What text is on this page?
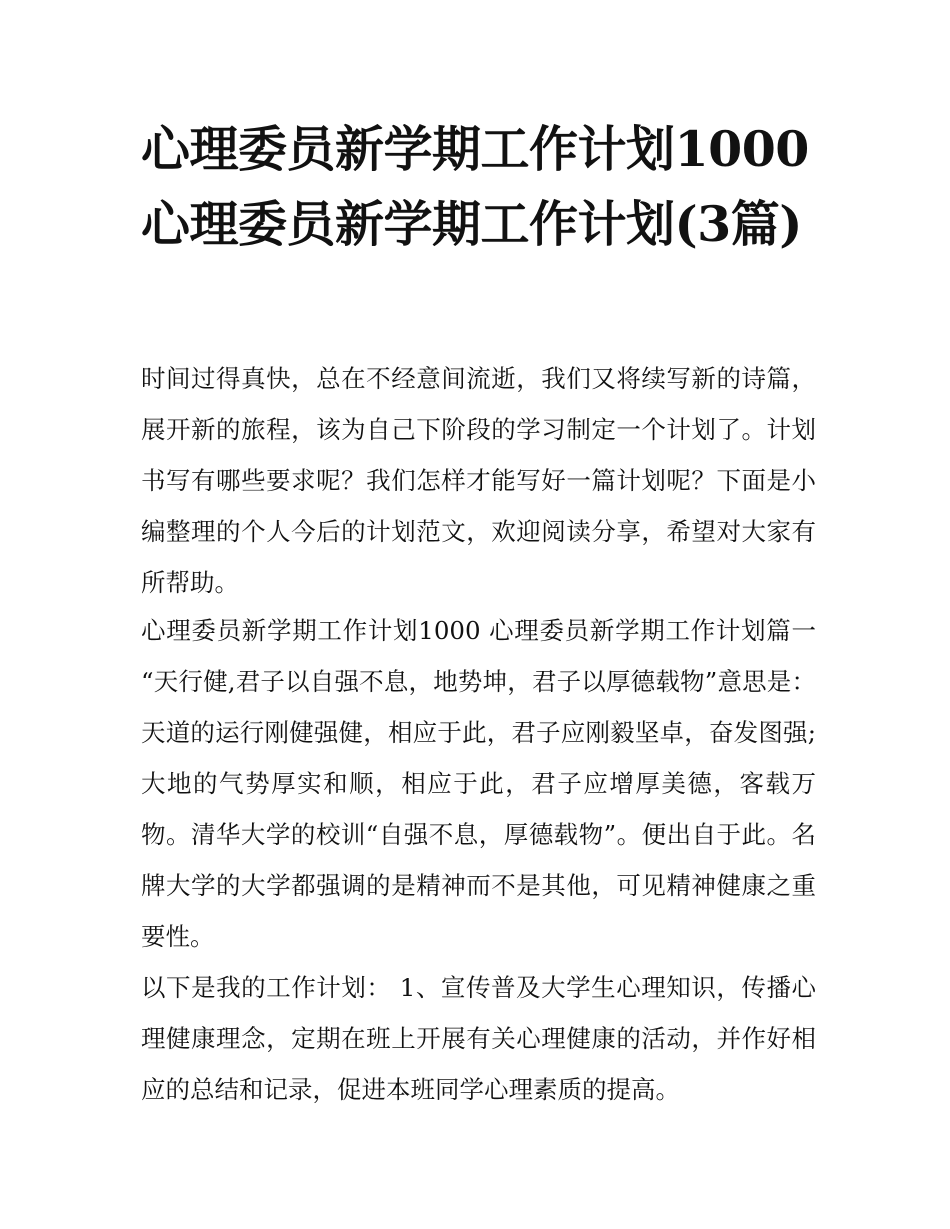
心理委员新学期工作计划1000 心理委员新学期工作计划(3篇)

时间过得真快，总在不经意间流逝，我们又将续写新的诗篇，展开新的旅程，该为自己下阶段的学习制定一个计划了。计划书写有哪些要求呢？我们怎样才能写好一篇计划呢？下面是小编整理的个人今后的计划范文，欢迎阅读分享，希望对大家有所帮助。

心理委员新学期工作计划1000 心理委员新学期工作计划篇一 “天行健,君子以自强不息，地势坤，君子以厚德载物”意思是：天道的运行刚健强健，相应于此，君子应刚毅坚卓，奋发图强;大地的气势厚实和顺，相应于此，君子应增厚美德，客载万物。清华大学的校训“自强不息，厚德载物”。便出自于此。名牌大学的大学都强调的是精神而不是其他，可见精神健康之重要性。

以下是我的工作计划： 1、宣传普及大学生心理知识，传播心理健康理念，定期在班上开展有关心理健康的活动，并作好相应的总结和记录，促进本班同学心理素质的提高。
